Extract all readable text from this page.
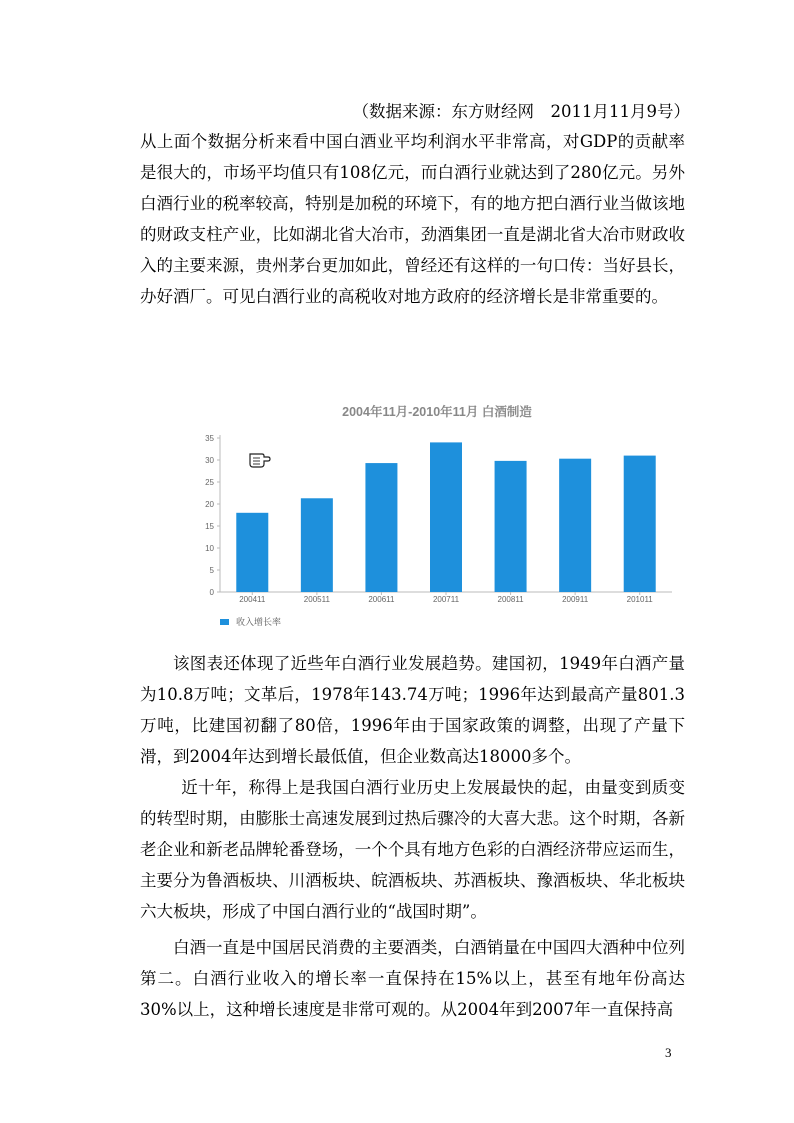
（数据来源：东方财经网　2011月11月9号）

从上面个数据分析来看中国白酒业平均利润水平非常高，对GDP的贡献率是很大的，市场平均值只有108亿元，而白酒行业就达到了280亿元。另外白酒行业的税率较高，特别是加税的环境下，有的地方把白酒行业当做该地的财政支柱产业，比如湖北省大冶市，劲酒集团一直是湖北省大冶市财政收入的主要来源，贵州茅台更加如此，曾经还有这样的一句口传：当好县长，办好酒厂。可见白酒行业的高税收对地方政府的经济增长是非常重要的。

2004年11月-2010年11月 白酒制造
0
5
10
15
20
25
30
35
200411	200511	200611	200711	200811	200911	201011
收入增长率

该图表还体现了近些年白酒行业发展趋势。建国初，1949年白酒产量为10.8万吨；文革后，1978年143.74万吨；1996年达到最高产量801.3万吨，比建国初翻了80倍，1996年由于国家政策的调整，出现了产量下滑，到2004年达到增长最低值，但企业数高达18000多个。

近十年，称得上是我国白酒行业历史上发展最快的起，由量变到质变的转型时期，由膨胀士高速发展到过热后骤冷的大喜大悲。这个时期，各新老企业和新老品牌轮番登场，一个个具有地方色彩的白酒经济带应运而生，主要分为鲁酒板块、川酒板块、皖酒板块、苏酒板块、豫酒板块、华北板块六大板块，形成了中国白酒行业的“战国时期”。

白酒一直是中国居民消费的主要酒类，白酒销量在中国四大酒种中位列第二。白酒行业收入的增长率一直保持在15%以上，甚至有地年份高达30%以上，这种增长速度是非常可观的。从2004年到2007年一直保持高

3
